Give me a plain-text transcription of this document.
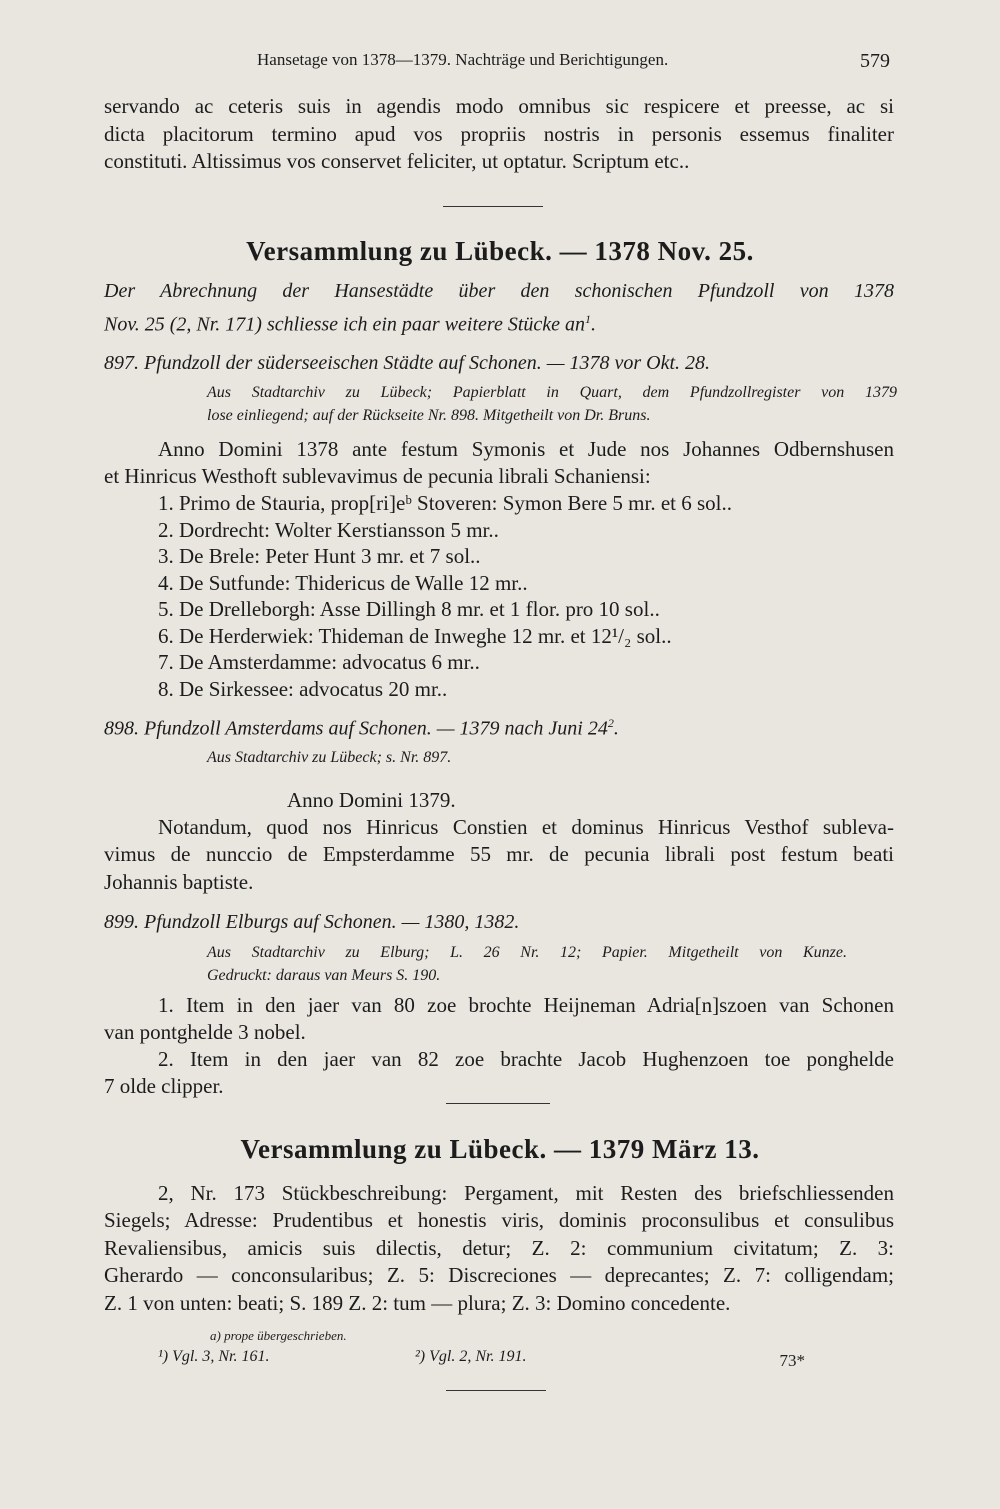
Hansetage von 1378—1379. Nachträge und Berichtigungen.	579
servando ac ceteris suis in agendis modo omnibus sic respicere et preesse, ac si
dicta placitorum termino apud vos propriis nostris in personis essemus finaliter
constituti. Altissimus vos conservet feliciter, ut optatur. Scriptum etc..
Versammlung zu Lübeck. — 1378 Nov. 25.
Der Abrechnung der Hansestädte über den schonischen Pfundzoll von 1378
Nov. 25 (2, Nr. 171) schliesse ich ein paar weitere Stücke $an^1$.
897. Pfundzoll der süderseeischen Städte auf Schonen. — 1378 vor Okt. 28.
Aus Stadtarchiv zu Lübeck; Papierblatt in Quart, dem Pfundzollregister von 1379
lose einliegend; auf der Rückseite Nr. 898. Mitgetheilt von Dr. Bruns.
Anno Domini 1378 ante festum Symonis et Jude nos Johannes Odbernshusen
et Hinricus Westhoft sublevavimus de pecunia librali Schaniensi:
1. Primo de Stauria, prop[ri]eᵇ Stoveren: Symon Bere 5 mr. et 6 sol..
2. Dordrecht: Wolter Kerstiansson 5 mr..
3. De Brele: Peter Hunt 3 mr. et 7 sol..
4. De Sutfunde: Thidericus de Walle 12 mr..
5. De Drelleborgh: Asse Dillingh 8 mr. et 1 flor. pro 10 sol..
6. De Herderwiek: Thideman de Inweghe 12 mr. et 12¹/₂ sol..
7. De Amsterdamme: advocatus 6 mr..
8. De Sirkessee: advocatus 20 mr..
898. Pfundzoll Amsterdams auf Schonen. — 1379 nach Juni $24^2$.
Aus Stadtarchiv zu Lübeck; s. Nr. 897.
Anno Domini 1379.
Notandum, quod nos Hinricus Constien et dominus Hinricus Vesthof subleva-
vimus de nunccio de Empsterdamme 55 mr. de pecunia librali post festum beati
Johannis baptiste.
899. Pfundzoll Elburgs auf Schonen. — 1380, 1382.
Aus Stadtarchiv zu Elburg; L. 26 Nr. 12; Papier. Mitgetheilt von Kunze.
Gedruckt: daraus van Meurs S. 190.
1. Item in den jaer van 80 zoe brochte Heijneman Adria[n]szoen van Schonen
van pontghelde 3 nobel.
2. Item in den jaer van 82 zoe brachte Jacob Hughenzoen toe ponghelde
7 olde clipper.
Versammlung zu Lübeck. — 1379 März 13.
2, Nr. 173 Stückbeschreibung: Pergament, mit Resten des briefschliessenden
Siegels; Adresse: Prudentibus et honestis viris, dominis proconsulibus et consulibus
Revaliensibus, amicis suis dilectis, detur; Z. 2: communium civitatum; Z. 3:
Gherardo — conconsularibus; Z. 5: Discreciones — deprecantes; Z. 7: colligendam;
Z. 1 von unten: beati; S. 189 Z. 2: tum — plura; Z. 3: Domino concedente.
a) prope übergeschrieben.
¹) Vgl. 3, Nr. 161.	²) Vgl. 2, Nr. 191.	73*
